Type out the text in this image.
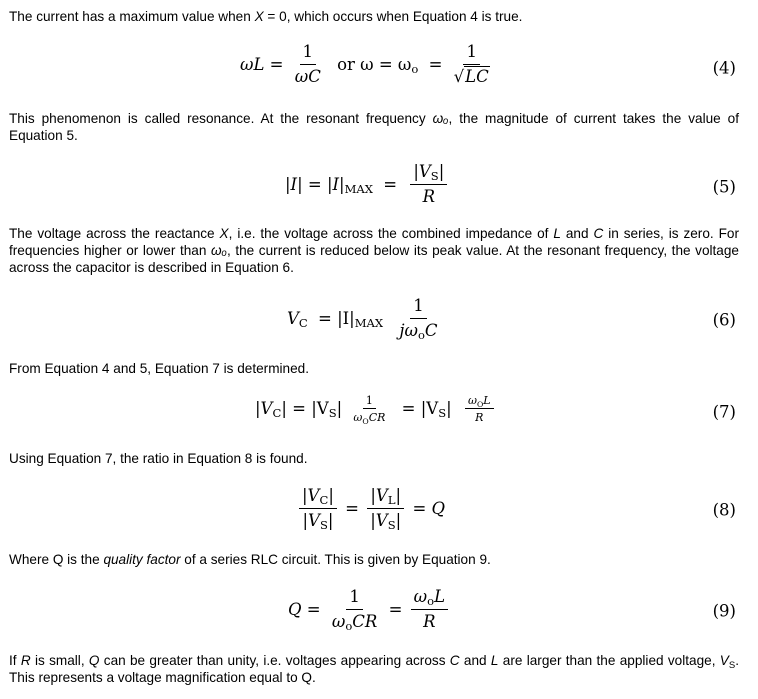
The current has a maximum value when X = 0, which occurs when Equation 4 is true.

$\omega L = \frac{1}{\omega C}$ or $\omega = \omega_o = \frac{1}{√LC}$	(4)

This phenomenon is called resonance. At the resonant frequency ωₒ, the magnitude of current takes the value of Equation 5.

$|I| = |I|_{MAX} = \frac{|V_S|}{R}$	(5)

The voltage across the reactance X, i.e. the voltage across the combined impedance of L and C in series, is zero. For frequencies higher or lower than ωₒ, the current is reduced below its peak value. At the resonant frequency, the voltage across the capacitor is described in Equation 6.

$V_C = |I|_{MAX} \frac{1}{j\omega_oC}$	(6)

From Equation 4 and 5, Equation 7 is determined.

$|V_C| = |V_S| \frac{1}{\omega_OCR} = |V_S| \frac{\omega_OL}{R}$	(7)

Using Equation 7, the ratio in Equation 8 is found.

$\frac{|V_C|}{|V_S|} = \frac{|V_L|}{|V_S|} = Q$	(8)

Where Q is the quality factor of a series RLC circuit. This is given by Equation 9.

$Q = \frac{1}{\omega_oCR} = \frac{\omega_oL}{R}$	(9)

If R is small, Q can be greater than unity, i.e. voltages appearing across C and L are larger than the applied voltage, $V_S$. This represents a voltage magnification equal to Q.
